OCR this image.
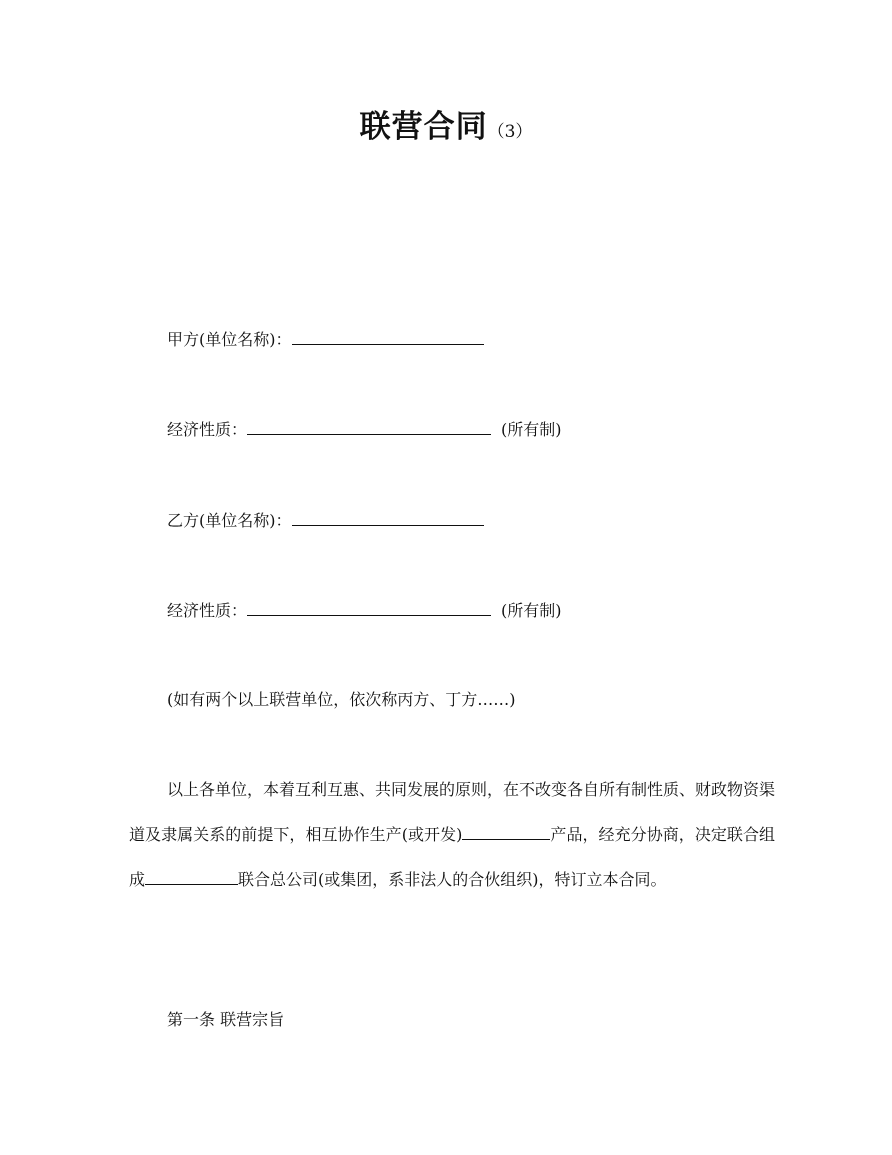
联营合同（3）
甲方(单位名称)：
经济性质：	(所有制)
乙方(单位名称)：
经济性质：	(所有制)
(如有两个以上联营单位，依次称丙方、丁方……)
以上各单位，本着互利互惠、共同发展的原则，在不改变各自所有制性质、财政物资渠道及隶属关系的前提下，相互协作生产(或开发)	产品，经充分协商，决定联合组成	联合总公司(或集团，系非法人的合伙组织)，特订立本合同。
第一条 联营宗旨
